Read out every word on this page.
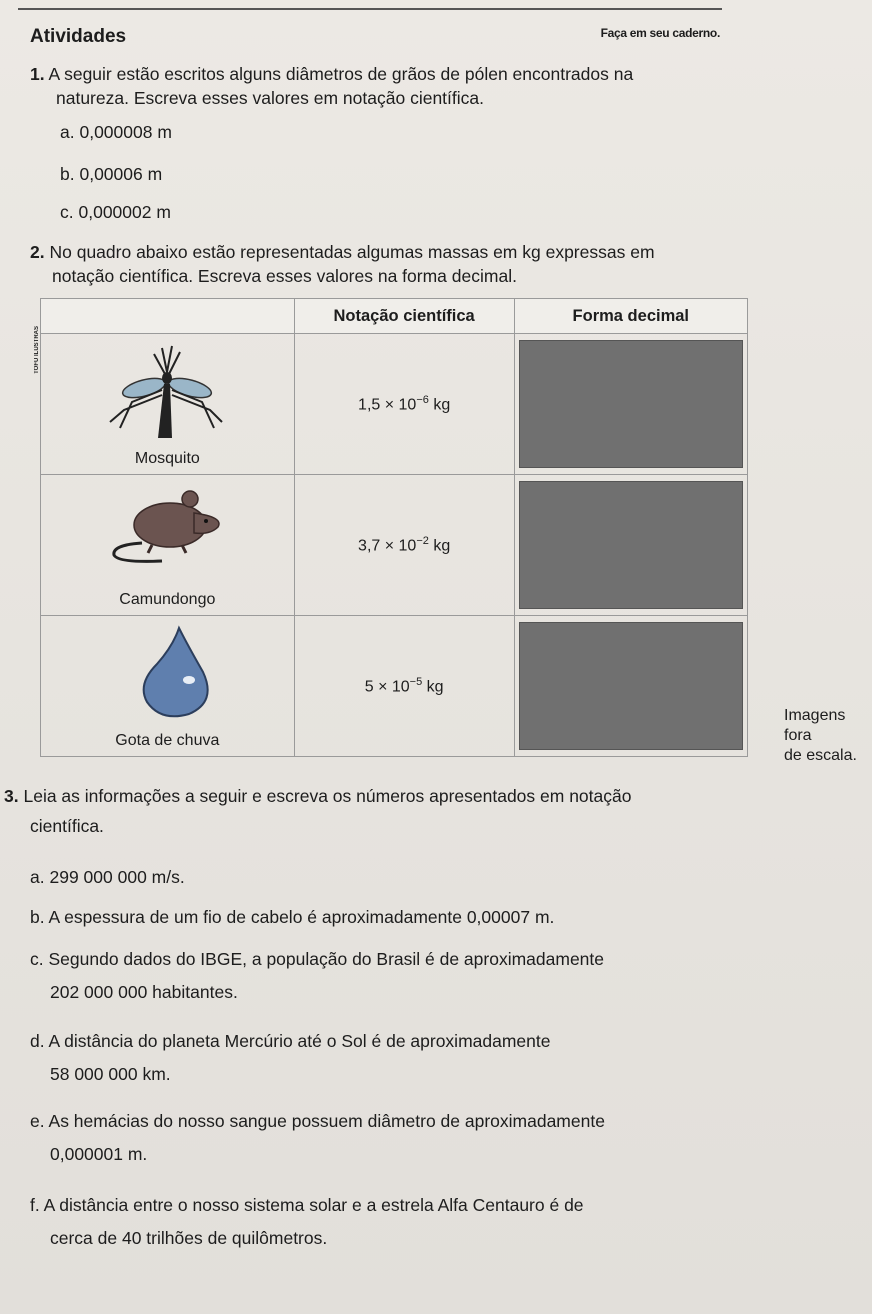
Atividades	Faça em seu caderno.
1. A seguir estão escritos alguns diâmetros de grãos de pólen encontrados na
natureza. Escreva esses valores em notação científica.
a. 0,000008 m
b. 0,00006 m
c. 0,000002 m
2. No quadro abaixo estão representadas algumas massas em kg expressas em
notação científica. Escreva esses valores na forma decimal.
TOFU ILUSTRAS
	Notação científica	Forma decimal

Mosquito	$1,5 \times 10^{-6}$ kg	

Camundongo	$3,7 \times 10^{-2}$ kg	

Gota de chuva	$5 \times 10^{-5}$ kg	
Imagens fora
de escala.
3. Leia as informações a seguir e escreva os números apresentados em notação
científica.
a. 299 000 000 m/s.
b. A espessura de um fio de cabelo é aproximadamente 0,00007 m.
c. Segundo dados do IBGE, a população do Brasil é de aproximadamente
202 000 000 habitantes.
d. A distância do planeta Mercúrio até o Sol é de aproximadamente
58 000 000 km.
e. As hemácias do nosso sangue possuem diâmetro de aproximadamente
0,000001 m.
f. A distância entre o nosso sistema solar e a estrela Alfa Centauro é de
cerca de 40 trilhões de quilômetros.
